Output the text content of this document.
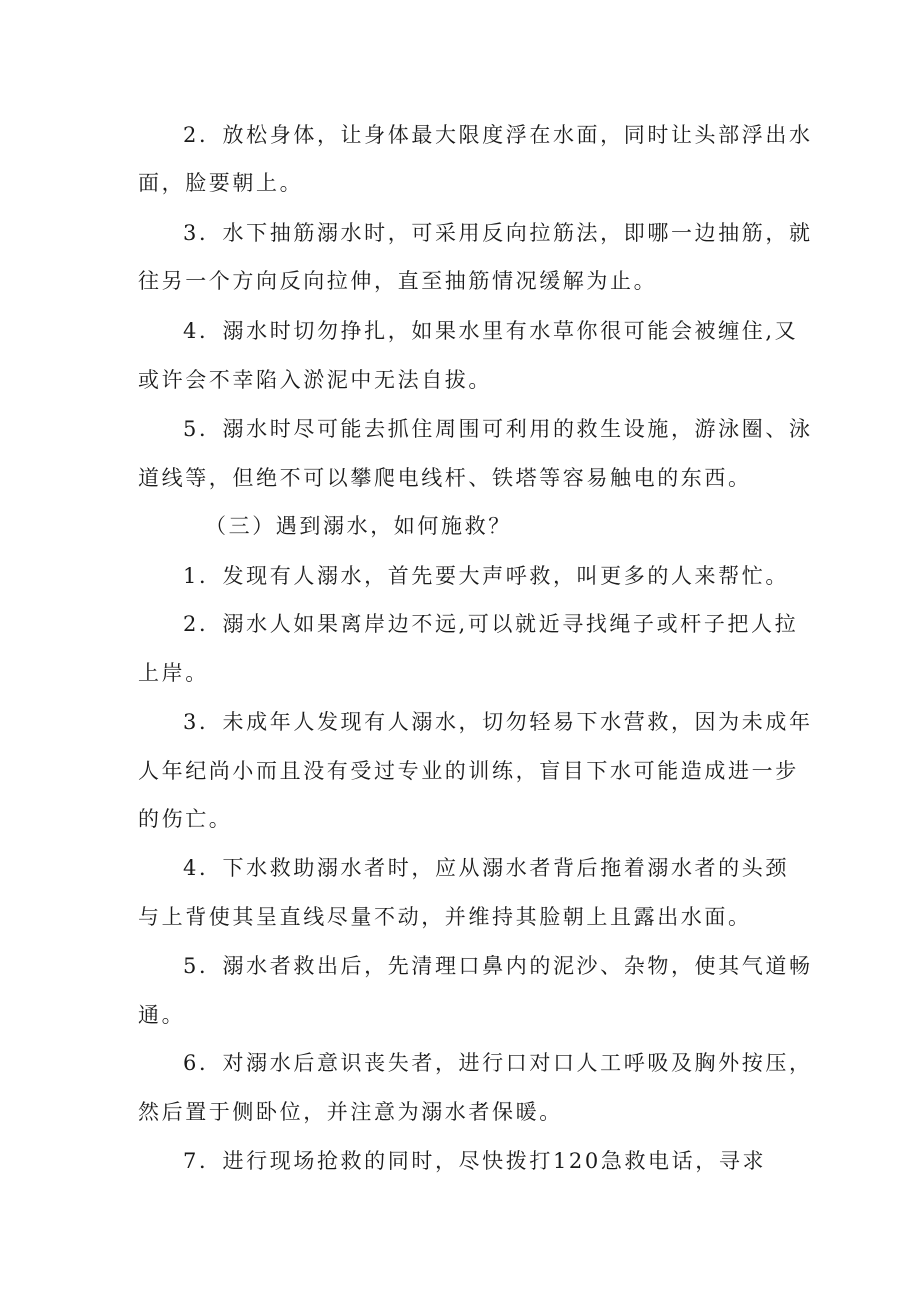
2．放松身体，让身体最大限度浮在水面，同时让头部浮出水
面，脸要朝上。
3．水下抽筋溺水时，可采用反向拉筋法，即哪一边抽筋，就
往另一个方向反向拉伸，直至抽筋情况缓解为止。
4．溺水时切勿挣扎，如果水里有水草你很可能会被缠住,又
或许会不幸陷入淤泥中无法自拔。
5．溺水时尽可能去抓住周围可利用的救生设施，游泳圈、泳
道线等，但绝不可以攀爬电线杆、铁塔等容易触电的东西。
（三）遇到溺水，如何施救？
1．发现有人溺水，首先要大声呼救，叫更多的人来帮忙。
2．溺水人如果离岸边不远,可以就近寻找绳子或杆子把人拉
上岸。
3．未成年人发现有人溺水，切勿轻易下水营救，因为未成年
人年纪尚小而且没有受过专业的训练，盲目下水可能造成进一步
的伤亡。
4．下水救助溺水者时，应从溺水者背后拖着溺水者的头颈
与上背使其呈直线尽量不动，并维持其脸朝上且露出水面。
5．溺水者救出后，先清理口鼻内的泥沙、杂物，使其气道畅
通。
6．对溺水后意识丧失者，进行口对口人工呼吸及胸外按压，
然后置于侧卧位，并注意为溺水者保暖。
7．进行现场抢救的同时，尽快拨打120急救电话，寻求
